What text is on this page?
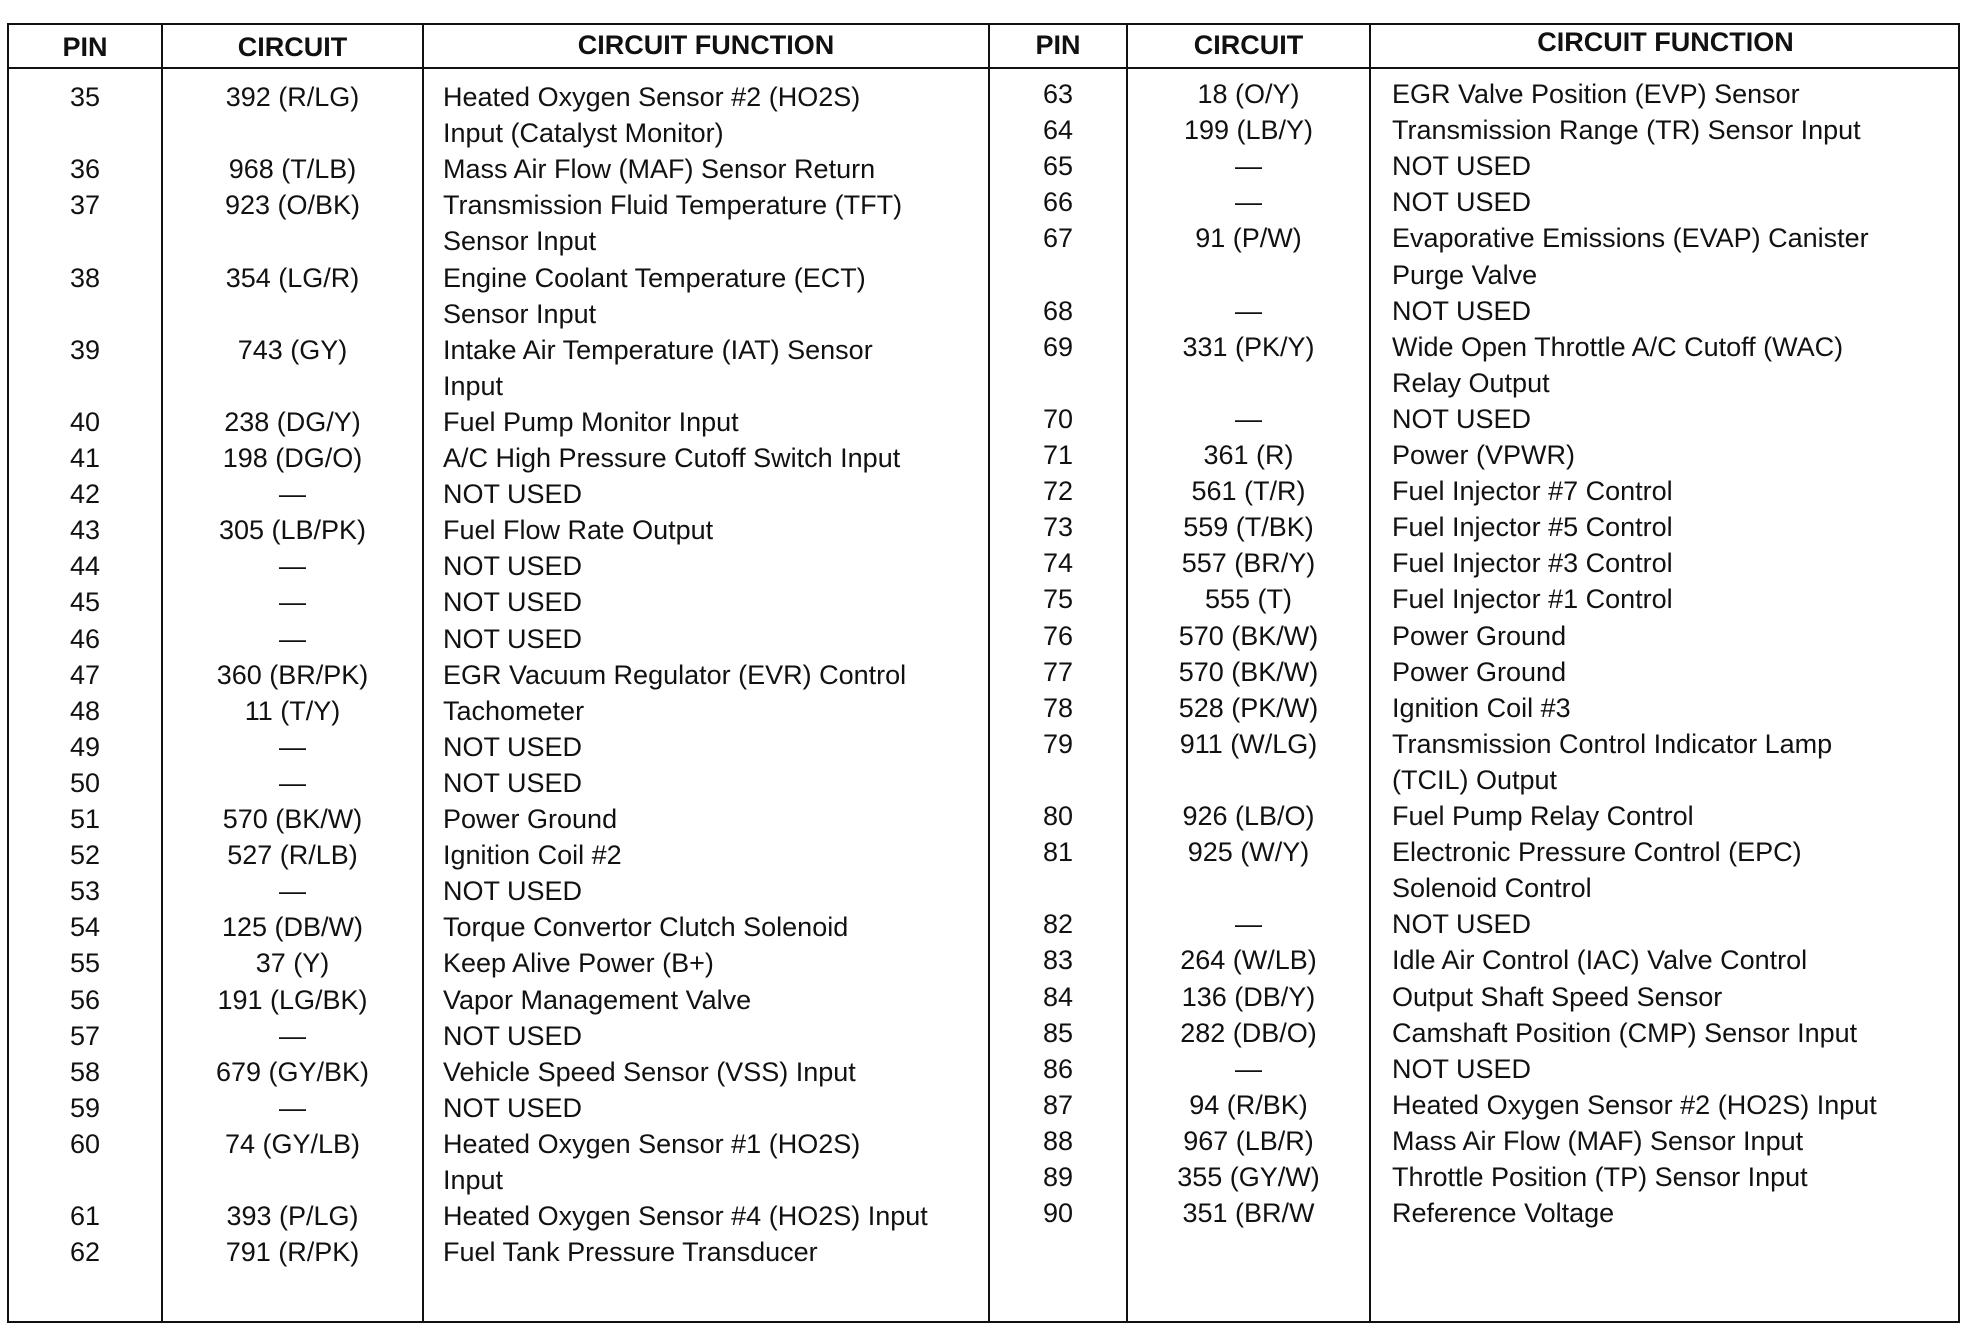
PIN	CIRCUIT	CIRCUIT FUNCTION	PIN	CIRCUIT	CIRCUIT FUNCTION
35	392 (R/LG)	Heated Oxygen Sensor #2 (HO2S)
Input (Catalyst Monitor)
36	968 (T/LB)	Mass Air Flow (MAF) Sensor Return
37	923 (O/BK)	Transmission Fluid Temperature (TFT)
Sensor Input
38	354 (LG/R)	Engine Coolant Temperature (ECT)
Sensor Input
39	743 (GY)	Intake Air Temperature (IAT) Sensor
Input
40	238 (DG/Y)	Fuel Pump Monitor Input
41	198 (DG/O)	A/C High Pressure Cutoff Switch Input
42	—	NOT USED
43	305 (LB/PK)	Fuel Flow Rate Output
44	—	NOT USED
45	—	NOT USED
46	—	NOT USED
47	360 (BR/PK)	EGR Vacuum Regulator (EVR) Control
48	11 (T/Y)	Tachometer
49	—	NOT USED
50	—	NOT USED
51	570 (BK/W)	Power Ground
52	527 (R/LB)	Ignition Coil #2
53	—	NOT USED
54	125 (DB/W)	Torque Convertor Clutch Solenoid
55	37 (Y)	Keep Alive Power (B+)
56	191 (LG/BK)	Vapor Management Valve
57	—	NOT USED
58	679 (GY/BK)	Vehicle Speed Sensor (VSS) Input
59	—	NOT USED
60	74 (GY/LB)	Heated Oxygen Sensor #1 (HO2S)
Input
61	393 (P/LG)	Heated Oxygen Sensor #4 (HO2S) Input
62	791 (R/PK)	Fuel Tank Pressure Transducer
63	18 (O/Y)	EGR Valve Position (EVP) Sensor
64	199 (LB/Y)	Transmission Range (TR) Sensor Input
65	—	NOT USED
66	—	NOT USED
67	91 (P/W)	Evaporative Emissions (EVAP) Canister
Purge Valve
68	—	NOT USED
69	331 (PK/Y)	Wide Open Throttle A/C Cutoff (WAC)
Relay Output
70	—	NOT USED
71	361 (R)	Power (VPWR)
72	561 (T/R)	Fuel Injector #7 Control
73	559 (T/BK)	Fuel Injector #5 Control
74	557 (BR/Y)	Fuel Injector #3 Control
75	555 (T)	Fuel Injector #1 Control
76	570 (BK/W)	Power Ground
77	570 (BK/W)	Power Ground
78	528 (PK/W)	Ignition Coil #3
79	911 (W/LG)	Transmission Control Indicator Lamp
(TCIL) Output
80	926 (LB/O)	Fuel Pump Relay Control
81	925 (W/Y)	Electronic Pressure Control (EPC)
Solenoid Control
82	—	NOT USED
83	264 (W/LB)	Idle Air Control (IAC) Valve Control
84	136 (DB/Y)	Output Shaft Speed Sensor
85	282 (DB/O)	Camshaft Position (CMP) Sensor Input
86	—	NOT USED
87	94 (R/BK)	Heated Oxygen Sensor #2 (HO2S) Input
88	967 (LB/R)	Mass Air Flow (MAF) Sensor Input
89	355 (GY/W)	Throttle Position (TP) Sensor Input
90	351 (BR/W	Reference Voltage
